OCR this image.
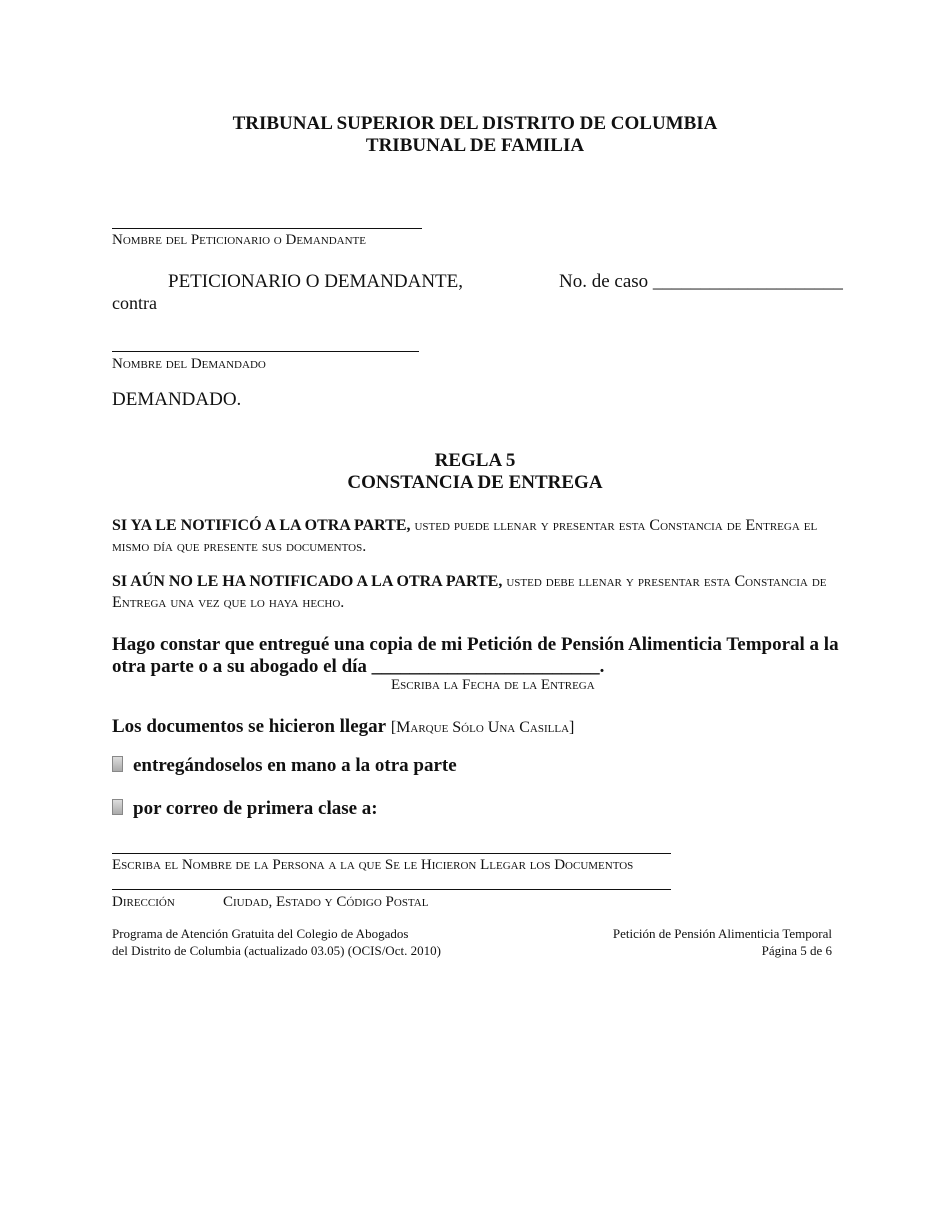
TRIBUNAL SUPERIOR DEL DISTRITO DE COLUMBIA
TRIBUNAL DE FAMILIA
Nombre del Peticionario o Demandante
PETICIONARIO O DEMANDANTE,	No. de caso ____________________
contra
Nombre del Demandado
DEMANDADO.
REGLA 5
CONSTANCIA DE ENTREGA
SI YA LE NOTIFICÓ A LA OTRA PARTE, usted puede llenar y presentar esta Constancia de Entrega el mismo día que presente sus documentos.
SI AÚN NO LE HA NOTIFICADO A LA OTRA PARTE, usted debe llenar y presentar esta Constancia de Entrega una vez que lo haya hecho.
Hago constar que entregué una copia de mi Petición de Pensión Alimenticia Temporal a la otra parte o a su abogado el día ________________________.
Escriba la Fecha de la Entrega
Los documentos se hicieron llegar [Marque Sólo Una Casilla]
entregándoselos en mano a la otra parte
por correo de primera clase a:
Escriba el Nombre de la Persona a la que Se le Hicieron Llegar los Documentos
Dirección	Ciudad, Estado y Código Postal
Programa de Atención Gratuita del Colegio de Abogados
del Distrito de Columbia (actualizado 03.05) (OCIS/Oct. 2010)
Petición de Pensión Alimenticia Temporal
Página 5 de 6
